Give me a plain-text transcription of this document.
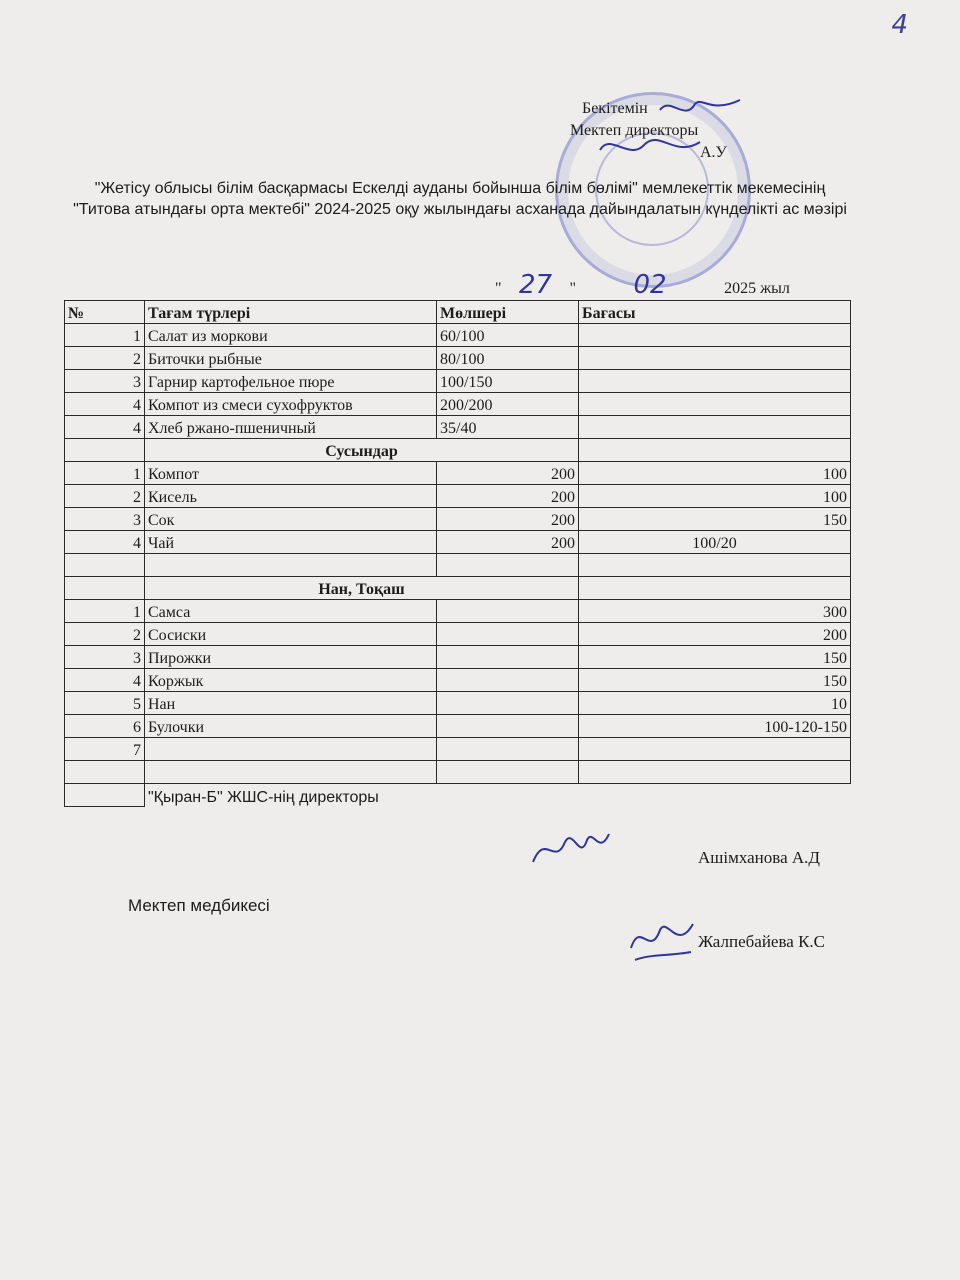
4
Бекітемін
Мектеп директоры
А.У
"Жетісу облысы білім басқармасы Ескелді ауданы бойынша білім бөлімі" мемлекеттік мекемесінің "Титова атындағы орта мектебі" 2024-2025 оқу жылындағы асханада дайындалатын күнделікті ас мәзірі
" 27 " 02	2025 жыл
№	Тағам түрлері	Мөлшері	Бағасы
1	Салат из моркови	60/100	
2	Биточки рыбные	80/100	
3	Гарнир картофельное пюре	100/150	
4	Компот из смеси сухофруктов	200/200	
4	Хлеб ржано-пшеничный	35/40	
	Сусындар		
1	Компот	200	100
2	Кисель	200	100
3	Сок	200	150
4	Чай	200	100/20

	Нан, Тоқаш		
1	Самса		300
2	Сосиски		200
3	Пирожки		150
4	Коржык		150
5	Нан		10
6	Булочки		100-120-150
7			

	"Қыран-Б" ЖШС-нің директоры		
Ашімханова А.Д
Мектеп медбикесі
Жалпебайева К.С
